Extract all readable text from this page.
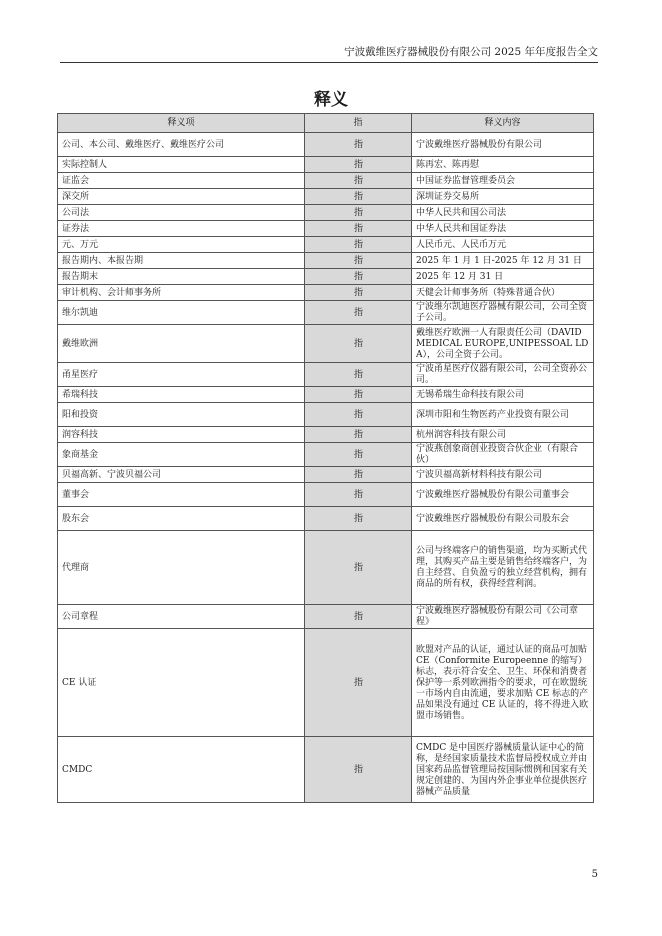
宁波戴维医疗器械股份有限公司 2025 年年度报告全文
释义
释义项	指	释义内容
公司、本公司、戴维医疗、戴维医疗公司	指	宁波戴维医疗器械股份有限公司
实际控制人	指	陈再宏、陈再慰
证监会	指	中国证券监督管理委员会
深交所	指	深圳证券交易所
公司法	指	中华人民共和国公司法
证券法	指	中华人民共和国证券法
元、万元	指	人民币元、人民币万元
报告期内、本报告期	指	2025 年 1 月 1 日-2025 年 12 月 31 日
报告期末	指	2025 年 12 月 31 日
审计机构、会计师事务所	指	天健会计师事务所（特殊普通合伙）
维尔凯迪	指	宁波维尔凯迪医疗器械有限公司，公司全资子公司。
戴维欧洲	指	戴维医疗欧洲一人有限责任公司（DAVID MEDICAL EUROPE,UNIPESSOAL LDA），公司全资子公司。
甬星医疗	指	宁波甬星医疗仪器有限公司，公司全资孙公司。
希瑞科技	指	无锡希瑞生命科技有限公司
阳和投资	指	深圳市阳和生物医药产业投资有限公司
润容科技	指	杭州润容科技有限公司
象商基金	指	宁波燕创象商创业投资合伙企业（有限合伙）
贝福高新、宁波贝福公司	指	宁波贝福高新材料科技有限公司
董事会	指	宁波戴维医疗器械股份有限公司董事会
股东会	指	宁波戴维医疗器械股份有限公司股东会
代理商	指	公司与终端客户的销售渠道，均为买断式代理，其购买产品主要是销售给终端客户，为自主经营、自负盈亏的独立经营机构，拥有商品的所有权，获得经营利润。
公司章程	指	宁波戴维医疗器械股份有限公司《公司章程》
CE 认证	指	欧盟对产品的认证，通过认证的商品可加贴 CE（Conformite Europeenne 的缩写）标志，表示符合安全、卫生、环保和消费者保护等一系列欧洲指令的要求，可在欧盟统一市场内自由流通，要求加贴 CE 标志的产品如果没有通过 CE 认证的，将不得进入欧盟市场销售。
CMDC	指	CMDC 是中国医疗器械质量认证中心的简称，是经国家质量技术监督局授权成立并由国家药品监督管理局按国际惯例和国家有关规定创建的、为国内外企事业单位提供医疗器械产品质量
5
